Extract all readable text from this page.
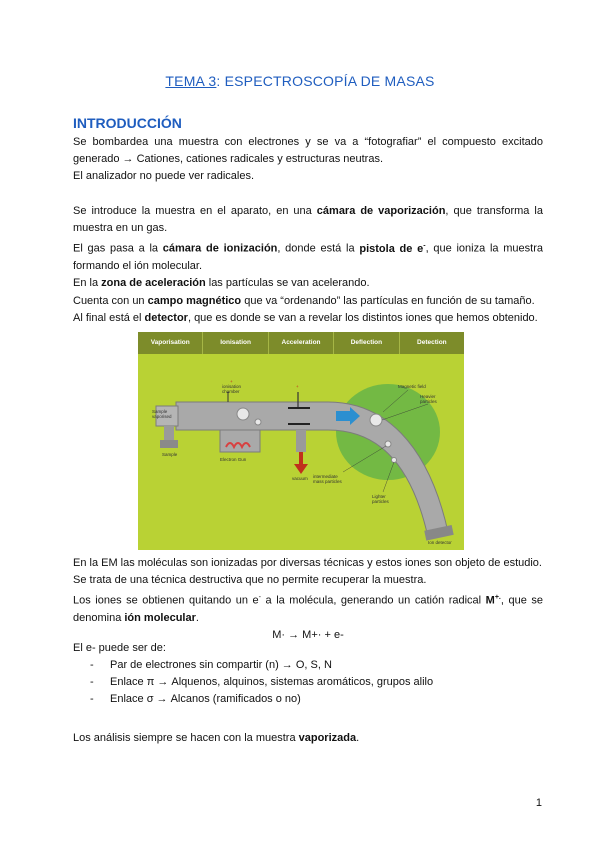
TEMA 3: ESPECTROSCOPÍA DE MASAS
INTRODUCCIÓN
Se bombardea una muestra con electrones y se va a “fotografiar” el compuesto excitado generado → Cationes, cationes radicales y estructuras neutras.
El analizador no puede ver radicales.
Se introduce la muestra en el aparato, en una cámara de vaporización, que transforma la muestra en un gas.
El gas pasa a la cámara de ionización, donde está la pistola de e-, que ioniza la muestra formando el ión molecular.
En la zona de aceleración las partículas se van acelerando.
Cuenta con un campo magnético que va “ordenando” las partículas en función de su tamaño.
Al final está el detector, que es donde se van a revelar los distintos iones que hemos obtenido.
Vaporisation	Ionisation	Acceleration	Deflection	Detection
Sample vaporised
ionisation chamber
+
+	Magnetic field
Heavier particles
intermediate mass particles
Lighter particles
Electron Gun
vacuum
Sample
Ion detector
En la EM las moléculas son ionizadas por diversas técnicas y estos iones son objeto de estudio.
Se trata de una técnica destructiva que no permite recuperar la muestra.
Los iones se obtienen quitando un e- a la molécula, generando un catión radical M+., que se denomina ión molecular.
M· → M+· + e-
El e- puede ser de:
-	Par de electrones sin compartir (n) → O, S, N
-	Enlace π → Alquenos, alquinos, sistemas aromáticos, grupos alilo
-	Enlace σ → Alcanos (ramificados o no)
Los análisis siempre se hacen con la muestra vaporizada.
1
